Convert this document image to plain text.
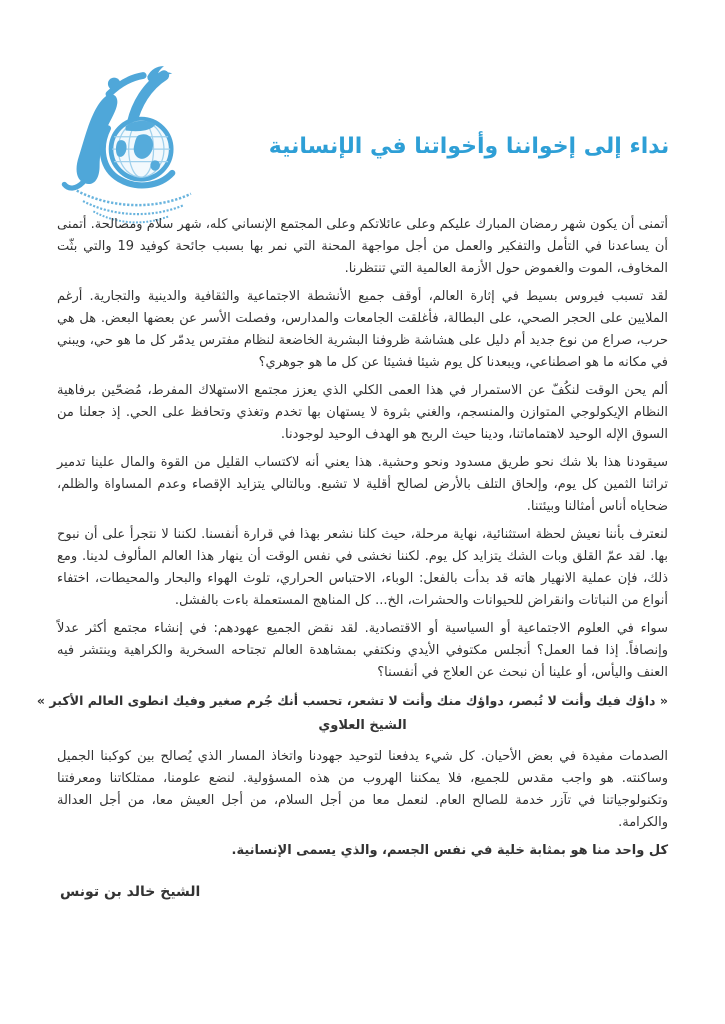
نداء إلى إخواننا وأخواتنا في الإنسانية

أتمنى أن يكون شهر رمضان المبارك عليكم وعلى عائلاتكم وعلى المجتمع الإنساني كله، شهر سلام ومصالحة. أتمنى أن يساعدنا في التأمل والتفكير والعمل من أجل مواجهة المحنة التي نمر بها بسبب جائحة كوفيد 19 والتي بثّت المخاوف، الموت والغموض حول الأزمة العالمية التي تنتظرنا.

لقد تسبب فيروس بسيط في إثارة العالم، أوقف جميع الأنشطة الاجتماعية والثقافية والدينية والتجارية. أرغم الملايين على الحجر الصحي، على البطالة، فأغلقت الجامعات والمدارس، وفصلت الأسر عن بعضها البعض. هل هي حرب، صراع من نوع جديد أم دليل على هشاشة ظروفنا البشرية الخاضعة لنظام مفترس يدمّر كل ما هو حي، ويبني في مكانه ما هو اصطناعي، ويبعدنا كل يوم شيئا فشيئا عن كل ما هو جوهري؟

ألم يحن الوقت لنكُفّ عن الاستمرار في هذا العمى الكلي الذي يعزز مجتمع الاستهلاك المفرط، مُضحّين برفاهية النظام الإيكولوجي المتوازن والمنسجم، والغني بثروة لا يستهان بها تخدم وتغذي وتحافظ على الحي. إذ جعلنا من السوق الإله الوحيد لاهتماماتنا، ودينا حيث الربح هو الهدف الوحيد لوجودنا.

سيقودنا هذا بلا شك نحو طريق مسدود ونحو وحشية. هذا يعني أنه لاكتساب القليل من القوة والمال علينا تدمير تراثنا الثمين كل يوم، وإلحاق التلف بالأرض لصالح أقلية لا تشبع. وبالتالي يتزايد الإقصاء وعدم المساواة والظلم، ضحاياه أناس أمثالنا وبيئتنا.

لنعترف بأننا نعيش لحظة استثنائية، نهاية مرحلة، حيث كلنا نشعر بهذا في قرارة أنفسنا. لكننا لا نتجرأ على أن نبوح بها. لقد عمّ القلق وبات الشك يتزايد كل يوم. لكننا نخشى في نفس الوقت أن ينهار هذا العالم المألوف لدينا. ومع ذلك، فإن عملية الانهيار هاته قد بدأت بالفعل: الوباء، الاحتباس الحراري، تلوث الهواء والبحار والمحيطات، اختفاء أنواع من النباتات وانقراض للحيوانات والحشرات، الخ... كل المناهج المستعملة باءت بالفشل.

سواء في العلوم الاجتماعية أو السياسية أو الاقتصادية. لقد نقض الجميع عهودهم: في إنشاء مجتمع أكثر عدلاً وإنصافاً. إذا فما العمل؟ أنجلس مكتوفي الأيدي ونكتفي بمشاهدة العالم تجتاحه السخرية والكراهية وينتشر فيه العنف واليأس، أو علينا أن نبحث عن العلاج في أنفسنا؟

« داؤك فيك وأنت لا تُبصر، دواؤك منك وأنت لا تشعر، تحسب أنك جُرم صغير وفيك انطوى العالم الأكبر »

الشيخ العلاوي

الصدمات مفيدة في بعض الأحيان. كل شيء يدفعنا لتوحيد جهودنا واتخاذ المسار الذي يُصالح بين كوكبنا الجميل وساكنته. هو واجب مقدس للجميع، فلا يمكننا الهروب من هذه المسؤولية. لنضع علومنا، ممتلكاتنا ومعرفتنا وتكنولوجياتنا في تآزر خدمة للصالح العام. لنعمل معا من أجل السلام، من أجل العيش معا، من أجل العدالة والكرامة.

كل واحد منا هو بمثابة خلية في نفس الجسم، والذي يسمى الإنسانية.

الشيخ خالد بن تونس
